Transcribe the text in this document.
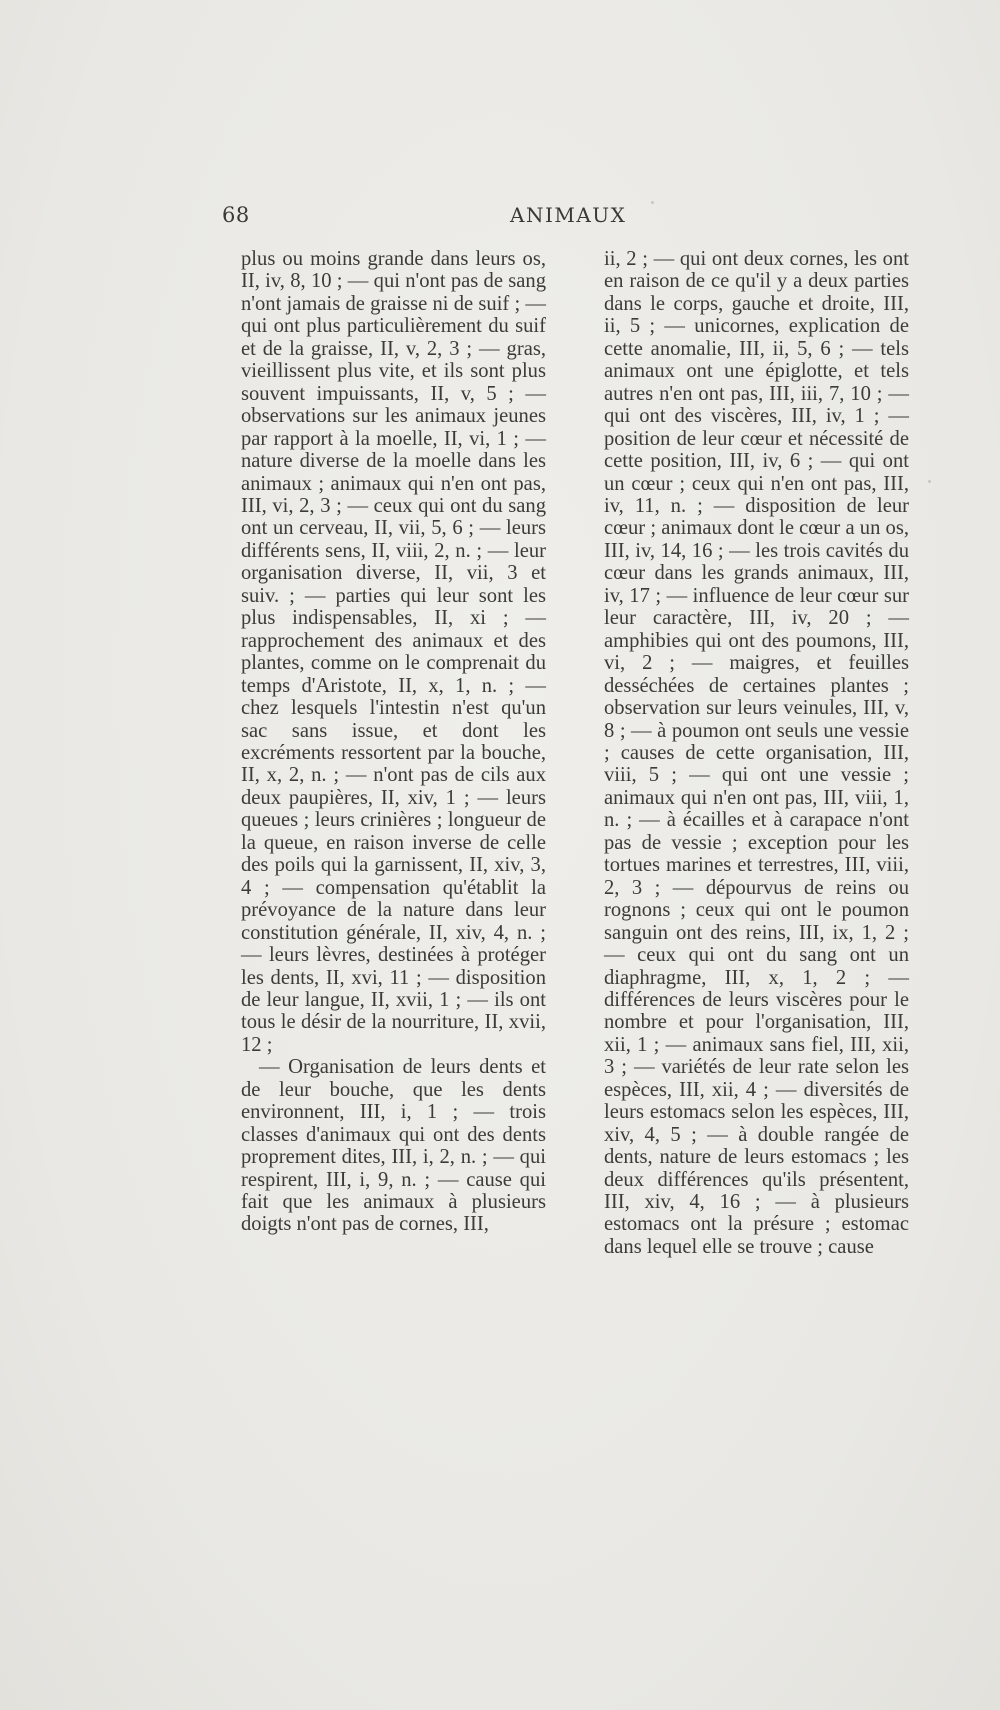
68	ANIMAUX

plus ou moins grande dans leurs os, II, iv, 8, 10 ; — qui n'ont pas de sang n'ont jamais de graisse ni de suif ; — qui ont plus particulièrement du suif et de la graisse, II, v, 2, 3 ; — gras, vieillissent plus vite, et ils sont plus souvent impuissants, II, v, 5 ; — observations sur les animaux jeunes par rapport à la moelle, II, vi, 1 ; — nature diverse de la moelle dans les animaux ; animaux qui n'en ont pas, III, vi, 2, 3 ; — ceux qui ont du sang ont un cerveau, II, vii, 5, 6 ; — leurs différents sens, II, viii, 2, n. ; — leur organisation diverse, II, vii, 3 et suiv. ; — parties qui leur sont les plus indispensables, II, xi ; — rapprochement des animaux et des plantes, comme on le comprenait du temps d'Aristote, II, x, 1, n. ; — chez lesquels l'intestin n'est qu'un sac sans issue, et dont les excréments ressortent par la bouche, II, x, 2, n. ; — n'ont pas de cils aux deux paupières, II, xiv, 1 ; — leurs queues ; leurs crinières ; longueur de la queue, en raison inverse de celle des poils qui la garnissent, II, xiv, 3, 4 ; — compensation qu'établit la prévoyance de la nature dans leur constitution générale, II, xiv, 4, n. ; — leurs lèvres, destinées à protéger les dents, II, xvi, 11 ; — disposition de leur langue, II, xvii, 1 ; — ils ont tous le désir de la nourriture, II, xvii, 12 ;

— Organisation de leurs dents et de leur bouche, que les dents environnent, III, i, 1 ; — trois classes d'animaux qui ont des dents proprement dites, III, i, 2, n. ; — qui respirent, III, i, 9, n. ; — cause qui fait que les animaux à plusieurs doigts n'ont pas de cornes, III,

ii, 2 ; — qui ont deux cornes, les ont en raison de ce qu'il y a deux parties dans le corps, gauche et droite, III, ii, 5 ; — unicornes, explication de cette anomalie, III, ii, 5, 6 ; — tels animaux ont une épiglotte, et tels autres n'en ont pas, III, iii, 7, 10 ; — qui ont des viscères, III, iv, 1 ; — position de leur cœur et nécessité de cette position, III, iv, 6 ; — qui ont un cœur ; ceux qui n'en ont pas, III, iv, 11, n. ; — disposition de leur cœur ; animaux dont le cœur a un os, III, iv, 14, 16 ; — les trois cavités du cœur dans les grands animaux, III, iv, 17 ; — influence de leur cœur sur leur caractère, III, iv, 20 ; — amphibies qui ont des poumons, III, vi, 2 ; — maigres, et feuilles desséchées de certaines plantes ; observation sur leurs veinules, III, v, 8 ; — à poumon ont seuls une vessie ; causes de cette organisation, III, viii, 5 ; — qui ont une vessie ; animaux qui n'en ont pas, III, viii, 1, n. ; — à écailles et à carapace n'ont pas de vessie ; exception pour les tortues marines et terrestres, III, viii, 2, 3 ; — dépourvus de reins ou rognons ; ceux qui ont le poumon sanguin ont des reins, III, ix, 1, 2 ; — ceux qui ont du sang ont un diaphragme, III, x, 1, 2 ; — différences de leurs viscères pour le nombre et pour l'organisation, III, xii, 1 ; — animaux sans fiel, III, xii, 3 ; — variétés de leur rate selon les espèces, III, xii, 4 ; — diversités de leurs estomacs selon les espèces, III, xiv, 4, 5 ; — à double rangée de dents, nature de leurs estomacs ; les deux différences qu'ils présentent, III, xiv, 4, 16 ; — à plusieurs estomacs ont la présure ; estomac dans lequel elle se trouve ; cause
